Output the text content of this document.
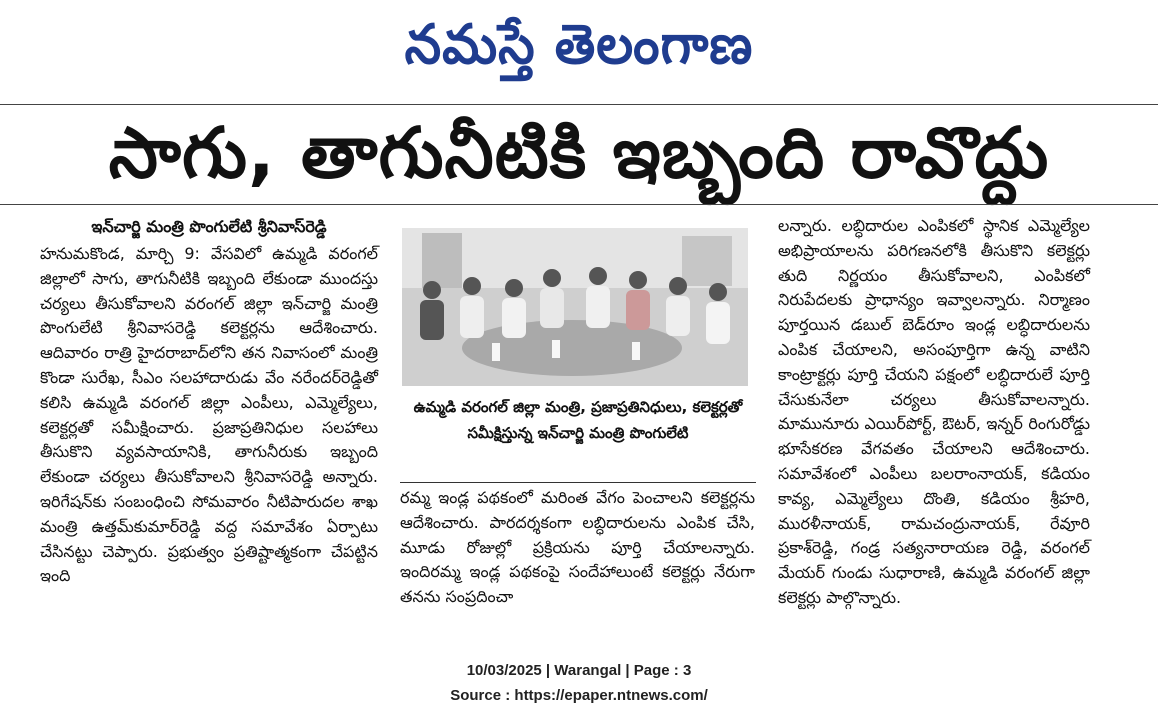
నమస్తే తెలంగాణ
సాగు, తాగునీటికి ఇబ్బంది రావొద్దు
ఇన్‌చార్జి మంత్రి పొంగులేటి శ్రీనివాస్‌రెడ్డి

హనుమకొండ, మార్చి 9: వేసవిలో ఉమ్మడి వరంగల్ జిల్లాలో సాగు, తాగునీటికి ఇబ్బంది లేకుండా ముందస్తు చర్యలు తీసుకోవాలని వరంగల్ జిల్లా ఇన్‌చార్జి మంత్రి పొంగులేటి శ్రీనివాసరెడ్డి కలెక్టర్లను ఆదేశించారు. ఆదివారం రాత్రి హైదరాబాద్‌లోని తన నివాసంలో మంత్రి కొండా సురేఖ, సీఎం సలహాదారుడు వేం నరేందర్‌రెడ్డితో కలిసి ఉమ్మడి వరంగల్ జిల్లా ఎంపీలు, ఎమ్మెల్యేలు, కలెక్టర్లతో సమీక్షించారు. ప్రజాప్రతినిధుల సలహాలు తీసుకొని వ్యవసాయానికి, తాగునీరుకు ఇబ్బంది లేకుండా చర్యలు తీసుకోవాలని శ్రీనివాసరెడ్డి అన్నారు. ఇరిగేషన్‌కు సంబంధించి సోమవారం నీటిపారుదల శాఖ మంత్రి ఉత్తమ్‌కుమార్‌రెడ్డి వద్ద సమావేశం ఏర్పాటు చేసినట్టు చెప్పారు. ప్రభుత్వం ప్రతిష్టాత్మకంగా చేపట్టిన ఇంది

ఉమ్మడి వరంగల్ జిల్లా మంత్రి, ప్రజాప్రతినిధులు, కలెక్టర్లతో సమీక్షిస్తున్న ఇన్‌చార్జి మంత్రి పొంగులేటి

రమ్మ ఇండ్ల పథకంలో మరింత వేగం పెంచాలని కలెక్టర్లను ఆదేశించారు. పారదర్శకంగా లబ్ధిదారులను ఎంపిక చేసి, మూడు రోజుల్లో ప్రక్రియను పూర్తి చేయాలన్నారు. ఇందిరమ్మ ఇండ్ల పథకంపై సందేహాలుంటే కలెక్టర్లు నేరుగా తనను సంప్రదించా

లన్నారు. లబ్ధిదారుల ఎంపికలో స్థానిక ఎమ్మెల్యేల అభిప్రాయాలను పరిగణనలోకి తీసుకొని కలెక్టర్లు తుది నిర్ణయం తీసుకోవాలని, ఎంపికలో నిరుపేదలకు ప్రాధాన్యం ఇవ్వాలన్నారు. నిర్మాణం పూర్తయిన డబుల్ బెడ్‌రూం ఇండ్ల లబ్ధిదారులను ఎంపిక చేయాలని, అసంపూర్తిగా ఉన్న వాటిని కాంట్రాక్టర్లు పూర్తి చేయని పక్షంలో లబ్ధిదారులే పూర్తి చేసుకునేలా చర్యలు తీసుకోవాలన్నారు. మామునూరు ఎయిర్‌పోర్ట్, ఔటర్, ఇన్నర్ రింగురోడ్డు భూసేకరణ వేగవతం చేయాలని ఆదేశించారు. సమావేశంలో ఎంపీలు బలరాంనాయక్, కడియం కావ్య, ఎమ్మెల్యేలు దొంతి, కడియం శ్రీహరి, మురళీనాయక్, రామచంద్రునాయక్, రేవూరి ప్రకాశ్‌రెడ్డి, గండ్ర సత్యనారాయణ రెడ్డి, వరంగల్ మేయర్ గుండు సుధారాణి, ఉమ్మడి వరంగల్ జిల్లా కలెక్టర్లు పాల్గొన్నారు.

10/03/2025 | Warangal | Page : 3
Source : https://epaper.ntnews.com/
